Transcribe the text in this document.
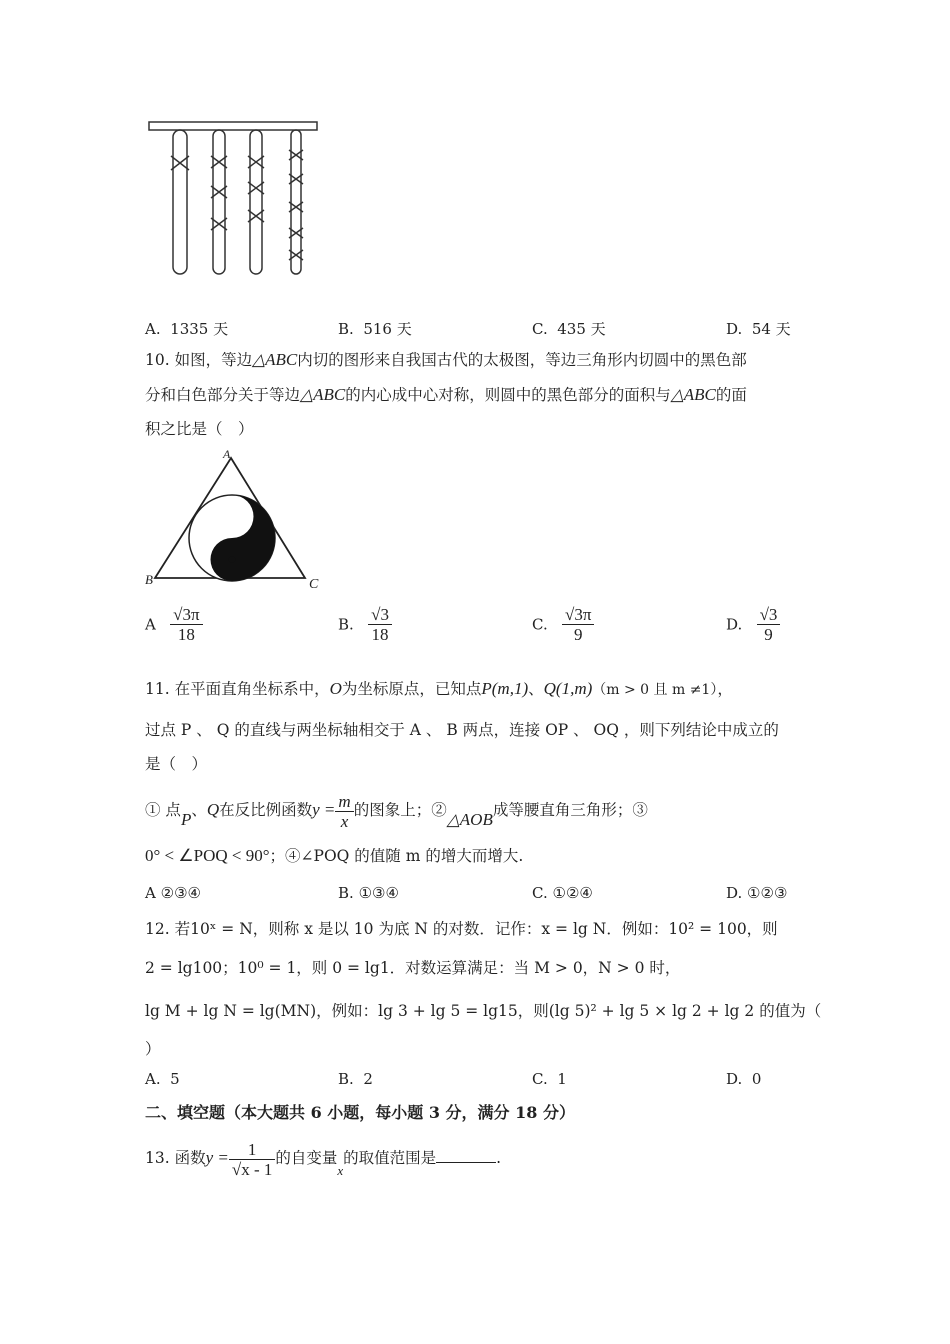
A. 1335 天	B. 516 天	C. 435 天	D. 54 天
10. 如图，等边△ABC内切的图形来自我国古代的太极图，等边三角形内切圆中的黑色部
分和白色部分关于等边△ABC的内心成中心对称，则圆中的黑色部分的面积与△ABC的面
积之比是（　）
A
B	C
A $\frac{√3\pi}{18}$	B. $\frac{√3}{18}$	C. $\frac{√3\pi}{9}$	D. $\frac{√3}{9}$
11. 在平面直角坐标系中，O为坐标原点，已知点P(m,1)、Q(1,m)（m > 0 且 m ≠1），
过点 P 、 Q 的直线与两坐标轴相交于 A 、 B 两点，连接 OP 、 OQ ，则下列结论中成立的
是（　）
① 点P、Q在反比例函数$y = \frac{m}{x}$ 的图象上；②△AOB成等腰直角三角形；③
0° < ∠POQ < 90°；④∠POQ 的值随 m 的增大而增大.
A ②③④	B. ①③④	C. ①②④	D. ①②③
12. 若10ˣ = N，则称 x 是以 10 为底 N 的对数．记作：x = lg N．例如：10² = 100，则
2 = lg100；10⁰ = 1，则 0 = lg1．对数运算满足：当 M > 0，N > 0 时，
lg M + lg N = lg(MN)，例如：lg 3 + lg 5 = lg15，则(lg 5)² + lg 5 × lg 2 + lg 2 的值为（
）
A. 5	B. 2	C. 1	D. 0
二、填空题（本大题共 6 小题，每小题 3 分，满分 18 分）
13. 函数$y = \frac{1}{√x - 1}$ 的自变量$_x$的取值范围是	.
